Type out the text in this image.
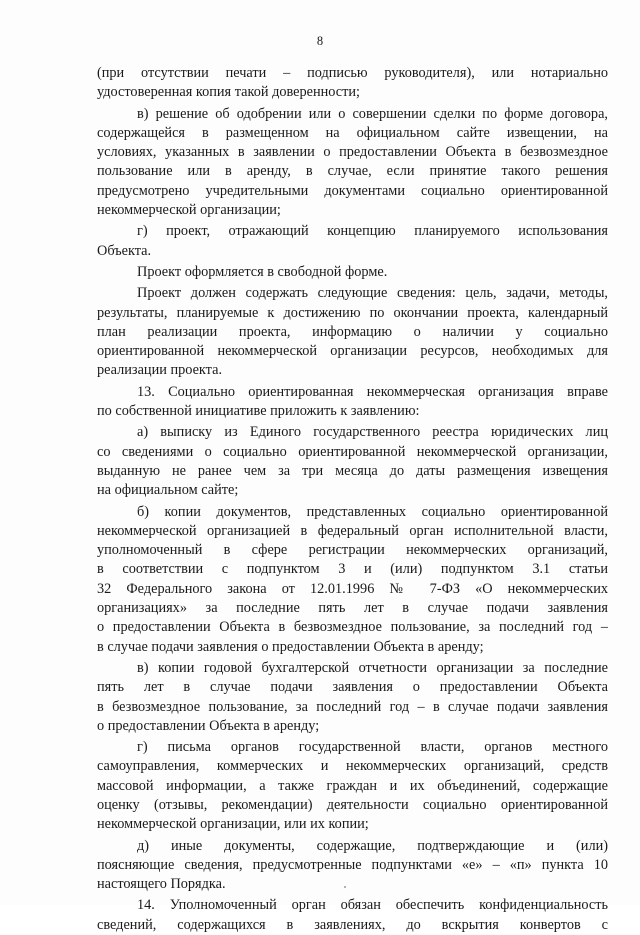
8
(при отсутствии печати – подписью руководителя), или нотариально
удостоверенная копия такой доверенности;
в) решение об одобрении или о совершении сделки по форме договора,
содержащейся в размещенном на официальном сайте извещении, на
условиях, указанных в заявлении о предоставлении Объекта в безвозмездное
пользование или в аренду, в случае, если принятие такого решения
предусмотрено учредительными документами социально ориентированной
некоммерческой организации;
г) проект, отражающий концепцию планируемого использования
Объекта.
Проект оформляется в свободной форме.
Проект должен содержать следующие сведения: цель, задачи, методы,
результаты, планируемые к достижению по окончании проекта, календарный
план реализации проекта, информацию о наличии у социально
ориентированной некоммерческой организации ресурсов, необходимых для
реализации проекта.
13. Социально ориентированная некоммерческая организация вправе
по собственной инициативе приложить к заявлению:
а) выписку из Единого государственного реестра юридических лиц
со сведениями о социально ориентированной некоммерческой организации,
выданную не ранее чем за три месяца до даты размещения извещения
на официальном сайте;
б) копии документов, представленных социально ориентированной
некоммерческой организацией в федеральный орган исполнительной власти,
уполномоченный в сфере регистрации некоммерческих организаций,
в соответствии с подпунктом 3 и (или) подпунктом 3.1 статьи
32 Федерального закона от 12.01.1996 № 7-ФЗ «О некоммерческих
организациях» за последние пять лет в случае подачи заявления
о предоставлении Объекта в безвозмездное пользование, за последний год –
в случае подачи заявления о предоставлении Объекта в аренду;
в) копии годовой бухгалтерской отчетности организации за последние
пять лет в случае подачи заявления о предоставлении Объекта
в безвозмездное пользование, за последний год – в случае подачи заявления
о предоставлении Объекта в аренду;
г) письма органов государственной власти, органов местного
самоуправления, коммерческих и некоммерческих организаций, средств
массовой информации, а также граждан и их объединений, содержащие
оценку (отзывы, рекомендации) деятельности социально ориентированной
некоммерческой организации, или их копии;
д) иные документы, содержащие, подтверждающие и (или)
поясняющие сведения, предусмотренные подпунктами «е» – «п» пункта 10
настоящего Порядка.
14. Уполномоченный орган обязан обеспечить конфиденциальность
сведений, содержащихся в заявлениях, до вскрытия конвертов с
